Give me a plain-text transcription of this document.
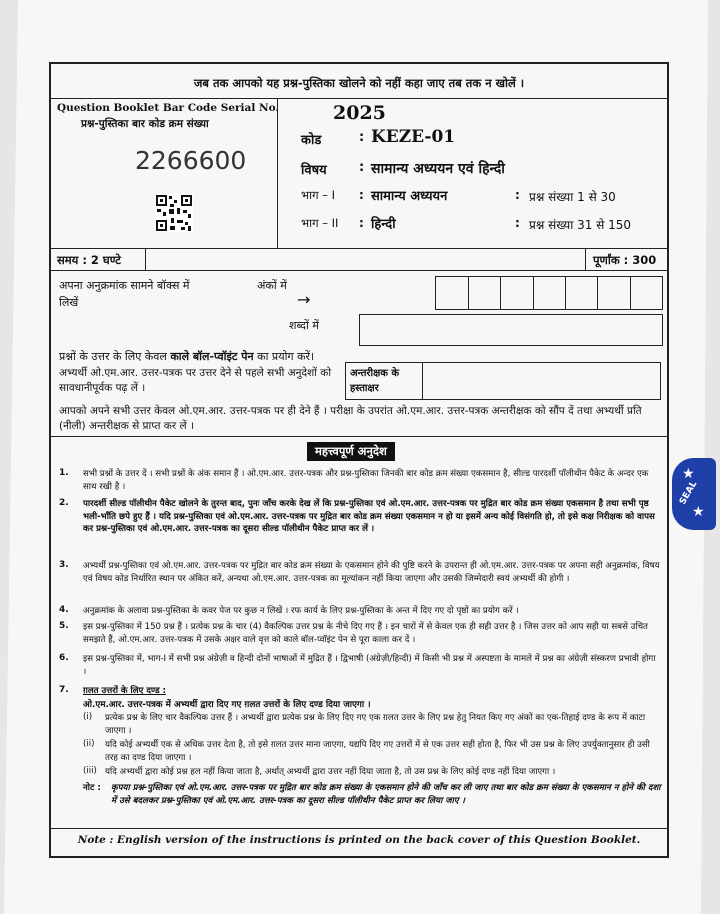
जब तक आपको यह प्रश्न-पुस्तिका खोलने को नहीं कहा जाए तब तक न खोलें ।
Question Booklet Bar Code Serial No.
प्रश्न-पुस्तिका बार कोड क्रम संख्या
2266600
2025
कोड	: KEZE-01
विषय : सामान्य अध्ययन एवं हिन्दी
भाग – I : सामान्य अध्ययन	: प्रश्न संख्या 1 से 30
भाग – II : हिन्दी	: प्रश्न संख्या 31 से 150
समय : 2 घण्टे	पूर्णांक : 300
अपना अनुक्रमांक सामने बॉक्स में
लिखें
अंकों में
→
शब्दों में
प्रश्नों के उत्तर के लिए केवल काले बॉल-प्वॉइंट पेन का प्रयोग करें।
अभ्यर्थी ओ.एम.आर. उत्तर-पत्रक पर उत्तर देने से पहले सभी अनुदेशों को सावधानीपूर्वक पढ़ लें ।
अन्तरीक्षक के हस्ताक्षर
आपको अपने सभी उत्तर केवल ओ.एम.आर. उत्तर-पत्रक पर ही देने हैं । परीक्षा के उपरांत ओ.एम.आर. उत्तर-पत्रक अन्तरीक्षक को सौंप दें तथा अभ्यर्थी प्रति (नीली) अन्तरीक्षक से प्राप्त कर लें ।
महत्त्वपूर्ण अनुदेश
1. सभी प्रश्नों के उत्तर दें । सभी प्रश्नों के अंक समान हैं । ओ.एम.आर. उत्तर-पत्रक और प्रश्न-पुस्तिका जिनकी बार कोड क्रम संख्या एकसमान है, सील्ड पारदर्शी पॉलीथीन पैकेट के अन्दर एक साथ रखी है ।
2. पारदर्शी सील्ड पॉलीथीन पैकेट खोलने के तुरन्त बाद, पुनः जाँच करके देख लें कि प्रश्न-पुस्तिका एवं ओ.एम.आर. उत्तर-पत्रक पर मुद्रित बार कोड क्रम संख्या एकसमान है तथा सभी पृष्ठ भली-भाँति छपे हुए हैं । यदि प्रश्न-पुस्तिका एवं ओ.एम.आर. उत्तर-पत्रक पर मुद्रित बार कोड क्रम संख्या एकसमान न हो या इसमें अन्य कोई विसंगति हो, तो इसे कक्ष निरीक्षक को वापस कर प्रश्न-पुस्तिका एवं ओ.एम.आर. उत्तर-पत्रक का दूसरा सील्ड पॉलीथीन पैकेट प्राप्त कर लें ।
3. अभ्यर्थी प्रश्न-पुस्तिका एवं ओ.एम.आर. उत्तर-पत्रक पर मुद्रित बार कोड क्रम संख्या के एकसमान होने की पुष्टि करने के उपरान्त ही ओ.एम.आर. उत्तर-पत्रक पर अपना सही अनुक्रमांक, विषय एवं विषय कोड निर्धारित स्थान पर अंकित करें, अन्यथा ओ.एम.आर. उत्तर-पत्रक का मूल्यांकन नहीं किया जाएगा और उसकी जिम्मेदारी स्वयं अभ्यर्थी की होगी ।
4. अनुक्रमांक के अलावा प्रश्न-पुस्तिका के कवर पेज पर कुछ न लिखें । रफ कार्य के लिए प्रश्न-पुस्तिका के अन्त में दिए गए दो पृष्ठों का प्रयोग करें ।
5. इस प्रश्न-पुस्तिका में 150 प्रश्न हैं । प्रत्येक प्रश्न के चार (4) वैकल्पिक उत्तर प्रश्न के नीचे दिए गए हैं । इन चारों में से केवल एक ही सही उत्तर है । जिस उत्तर को आप सही या सबसे उचित समझते हैं, ओ.एम.आर. उत्तर-पत्रक में उसके अक्षर वाले वृत्त को काले बॉल-प्वॉइंट पेन से पूरा काला कर दें ।
6. इस प्रश्न-पुस्तिका में, भाग-I में सभी प्रश्न अंग्रेज़ी व हिन्दी दोनों भाषाओं में मुद्रित हैं । द्विभाषी (अंग्रेज़ी/हिन्दी) में किसी भी प्रश्न में अस्पष्टता के मामले में प्रश्न का अंग्रेज़ी संस्करण प्रभावी होगा ।
7. ग़लत उत्तरों के लिए दण्ड :
ओ.एम.आर. उत्तर-पत्रक में अभ्यर्थी द्वारा दिए गए ग़लत उत्तरों के लिए दण्ड दिया जाएगा ।
(i) प्रत्येक प्रश्न के लिए चार वैकल्पिक उत्तर हैं । अभ्यर्थी द्वारा प्रत्येक प्रश्न के लिए दिए गए एक ग़लत उत्तर के लिए प्रश्न हेतु नियत किए गए अंकों का एक-तिहाई दण्ड के रूप में काटा जाएगा ।
(ii) यदि कोई अभ्यर्थी एक से अधिक उत्तर देता है, तो इसे ग़लत उत्तर माना जाएगा, यद्यपि दिए गए उत्तरों में से एक उत्तर सही होता है, फिर भी उस प्रश्न के लिए उपर्युक्तानुसार ही उसी तरह का दण्ड दिया जाएगा ।
(iii) यदि अभ्यर्थी द्वारा कोई प्रश्न हल नहीं किया जाता है, अर्थात् अभ्यर्थी द्वारा उत्तर नहीं दिया जाता है, तो उस प्रश्न के लिए कोई दण्ड नहीं दिया जाएगा ।
नोट : कृपया प्रश्न-पुस्तिका एवं ओ.एम.आर. उत्तर-पत्रक पर मुद्रित बार कोड क्रम संख्या के एकसमान होने की जाँच कर ली जाए तथा बार कोड क्रम संख्या के एकसमान न होने की दशा में उसे बदलकर प्रश्न-पुस्तिका एवं ओ.एम.आर. उत्तर-पत्रक का दूसरा सील्ड पॉलीथीन पैकेट प्राप्त कर लिया जाए ।
Note : English version of the instructions is printed on the back cover of this Question Booklet.
★
SEAL
★
